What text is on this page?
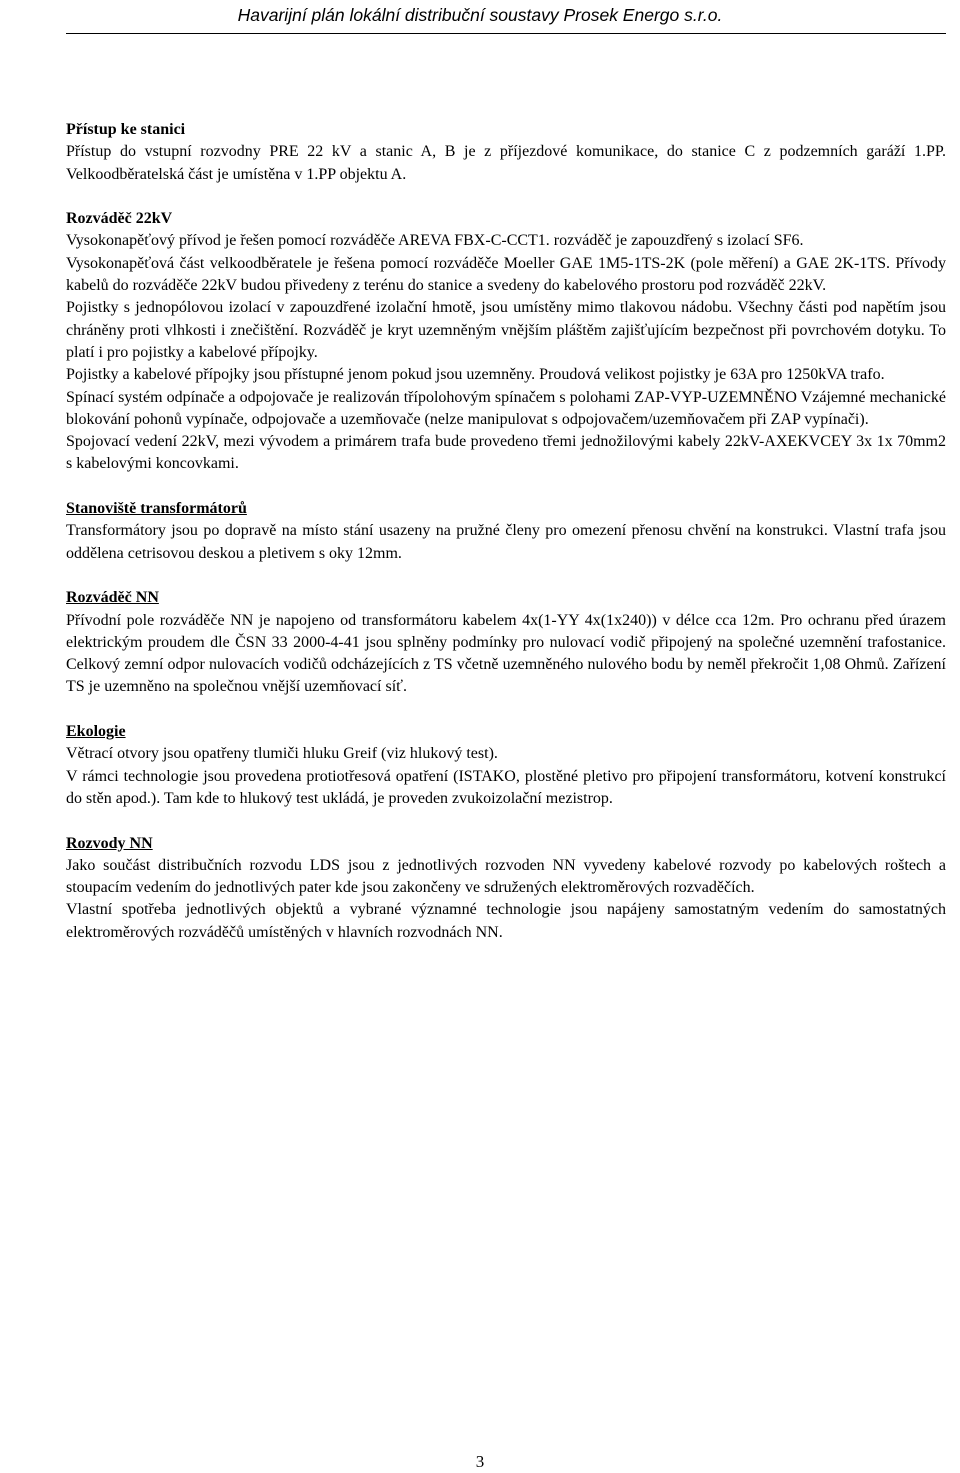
Havarijní plán lokální distribuční soustavy Prosek Energo s.r.o.

Přístup ke stanici

Přístup do vstupní rozvodny PRE 22 kV a stanic A, B je z příjezdové komunikace, do stanice C z podzemních garáží 1.PP. Velkoodběratelská část je umístěna v 1.PP objektu A.

Rozváděč 22kV

Vysokonapěťový přívod je řešen pomocí rozváděče AREVA FBX-C-CCT1. rozváděč je zapouzdřený s izolací SF6.

Vysokonapěťová část velkoodběratele je řešena pomocí rozváděče Moeller GAE 1M5-1TS-2K (pole měření) a GAE 2K-1TS. Přívody kabelů do rozváděče 22kV budou přivedeny z terénu do stanice a svedeny do kabelového prostoru pod rozváděč 22kV.

Pojistky s jednopólovou izolací v zapouzdřené izolační hmotě, jsou umístěny mimo tlakovou nádobu. Všechny části pod napětím jsou chráněny proti vlhkosti i znečištění. Rozváděč je kryt uzemněným vnějším pláštěm zajišťujícím bezpečnost při povrchovém dotyku. To platí i pro pojistky a kabelové přípojky.

Pojistky a kabelové přípojky jsou přístupné jenom pokud jsou uzemněny. Proudová velikost pojistky je 63A pro 1250kVA trafo.

Spínací systém odpínače a odpojovače je realizován třípolohovým spínačem s polohami ZAP-VYP-UZEMNĚNO Vzájemné mechanické blokování pohonů vypínače, odpojovače a uzemňovače (nelze manipulovat s odpojovačem/uzemňovačem při ZAP vypínači).

Spojovací vedení 22kV, mezi vývodem a primárem trafa bude provedeno třemi jednožilovými kabely 22kV-AXEKVCEY 3x 1x 70mm2 s kabelovými koncovkami.

Stanoviště transformátorů

Transformátory jsou po dopravě na místo stání usazeny na pružné členy pro omezení přenosu chvění na konstrukci. Vlastní trafa jsou oddělena cetrisovou deskou a pletivem s oky 12mm.

Rozváděč NN

Přívodní pole rozváděče NN je napojeno od transformátoru kabelem 4x(1-YY 4x(1x240)) v délce cca 12m. Pro ochranu před úrazem elektrickým proudem dle ČSN 33 2000-4-41 jsou splněny podmínky pro nulovací vodič připojený na společné uzemnění trafostanice. Celkový zemní odpor nulovacích vodičů odcházejících z TS včetně uzemněného nulového bodu by neměl překročit 1,08 Ohmů. Zařízení TS je uzemněno na společnou vnější uzemňovací síť.

Ekologie

Větrací otvory jsou opatřeny tlumiči hluku Greif (viz hlukový test).

V rámci technologie jsou provedena protiotřesová opatření (ISTAKO, plostěné pletivo pro připojení transformátoru, kotvení konstrukcí do stěn apod.). Tam kde to hlukový test ukládá, je proveden zvukoizolační mezistrop.

Rozvody NN

Jako součást distribučních rozvodu LDS jsou z jednotlivých rozvoden NN vyvedeny kabelové rozvody po kabelových roštech a stoupacím vedením do jednotlivých pater kde jsou zakončeny ve sdružených elektroměrových rozvaděčích.

Vlastní spotřeba jednotlivých objektů a vybrané významné technologie jsou napájeny samostatným vedením do samostatných elektroměrových rozváděčů umístěných v hlavních rozvodnách NN.

3
